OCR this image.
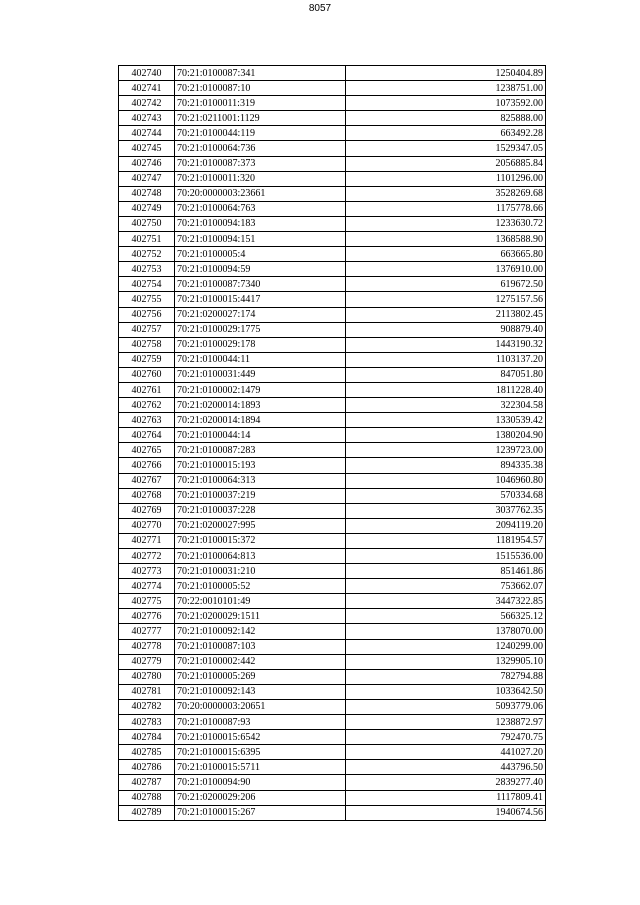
8057
402740	70:21:0100087:341	1250404.89
402741	70:21:0100087:10	1238751.00
402742	70:21:0100011:319	1073592.00
402743	70:21:0211001:1129	825888.00
402744	70:21:0100044:119	663492.28
402745	70:21:0100064:736	1529347.05
402746	70:21:0100087:373	2056885.84
402747	70:21:0100011:320	1101296.00
402748	70:20:0000003:23661	3528269.68
402749	70:21:0100064:763	1175778.66
402750	70:21:0100094:183	1233630.72
402751	70:21:0100094:151	1368588.90
402752	70:21:0100005:4	663665.80
402753	70:21:0100094:59	1376910.00
402754	70:21:0100087:7340	619672.50
402755	70:21:0100015:4417	1275157.56
402756	70:21:0200027:174	2113802.45
402757	70:21:0100029:1775	908879.40
402758	70:21:0100029:178	1443190.32
402759	70:21:0100044:11	1103137.20
402760	70:21:0100031:449	847051.80
402761	70:21:0100002:1479	1811228.40
402762	70:21:0200014:1893	322304.58
402763	70:21:0200014:1894	1330539.42
402764	70:21:0100044:14	1380204.90
402765	70:21:0100087:283	1239723.00
402766	70:21:0100015:193	894335.38
402767	70:21:0100064:313	1046960.80
402768	70:21:0100037:219	570334.68
402769	70:21:0100037:228	3037762.35
402770	70:21:0200027:995	2094119.20
402771	70:21:0100015:372	1181954.57
402772	70:21:0100064:813	1515536.00
402773	70:21:0100031:210	851461.86
402774	70:21:0100005:52	753662.07
402775	70:22:0010101:49	3447322.85
402776	70:21:0200029:1511	566325.12
402777	70:21:0100092:142	1378070.00
402778	70:21:0100087:103	1240299.00
402779	70:21:0100002:442	1329905.10
402780	70:21:0100005:269	782794.88
402781	70:21:0100092:143	1033642.50
402782	70:20:0000003:20651	5093779.06
402783	70:21:0100087:93	1238872.97
402784	70:21:0100015:6542	792470.75
402785	70:21:0100015:6395	441027.20
402786	70:21:0100015:5711	443796.50
402787	70:21:0100094:90	2839277.40
402788	70:21:0200029:206	1117809.41
402789	70:21:0100015:267	1940674.56
